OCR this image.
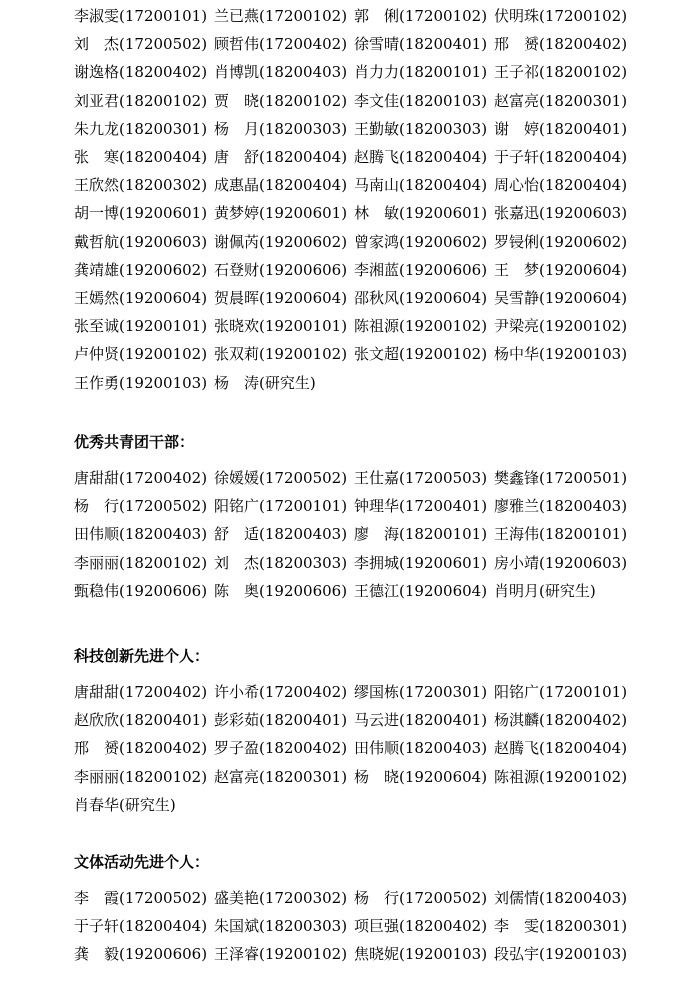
李淑雯(17200101) 兰已燕(17200102) 郭　俐(17200102) 伏明珠(17200102)
刘　杰(17200502) 顾哲伟(17200402) 徐雪晴(18200401) 邢　赟(18200402)
谢逸格(18200402) 肖博凯(18200403) 肖力力(18200101) 王子祁(18200102)
刘亚君(18200102) 贾　晓(18200102) 李文佳(18200103) 赵富亮(18200301)
朱九龙(18200301) 杨　月(18200303) 王勤敏(18200303) 谢　婷(18200401)
张　寒(18200404) 唐　舒(18200404) 赵腾飞(18200404) 于子轩(18200404)
王欣然(18200302) 成惠晶(18200404) 马南山(18200404) 周心怡(18200404)
胡一博(19200601) 黄梦婷(19200601) 林　敏(19200601) 张嘉迅(19200603)
戴哲航(19200603) 谢佩芮(19200602) 曾家鸿(19200602) 罗锓俐(19200602)
龚靖雄(19200602) 石登财(19200606) 李湘蓝(19200606) 王　梦(19200604)
王嫣然(19200604) 贺晨晖(19200604) 邵秋风(19200604) 吴雪静(19200604)
张至诚(19200101) 张晓欢(19200101) 陈祖源(19200102) 尹梁亮(19200102)
卢仲贤(19200102) 张双莉(19200102) 张文超(19200102) 杨中华(19200103)
王作勇(19200103) 杨　涛(研究生)
优秀共青团干部：
唐甜甜(17200402) 徐媛媛(17200502) 王仕嘉(17200503) 樊鑫锋(17200501)
杨　行(17200502) 阳铭广(17200101) 钟理华(17200401) 廖雅兰(18200403)
田伟顺(18200403) 舒　适(18200403) 廖　海(18200101) 王海伟(18200101)
李丽丽(18200102) 刘　杰(18200303) 李拥城(19200601) 房小靖(19200603)
甄稳伟(19200606) 陈　奥(19200606) 王德江(19200604) 肖明月(研究生)
科技创新先进个人：
唐甜甜(17200402) 许小希(17200402) 缪国栋(17200301) 阳铭广(17200101)
赵欣欣(18200401) 彭彩茹(18200401) 马云进(18200401) 杨淇麟(18200402)
邢　赟(18200402) 罗子盈(18200402) 田伟顺(18200403) 赵腾飞(18200404)
李丽丽(18200102) 赵富亮(18200301) 杨　晓(19200604) 陈祖源(19200102)
肖春华(研究生)
文体活动先进个人：
李　霞(17200502) 盛美艳(17200302) 杨　行(17200502) 刘儒情(18200403)
于子轩(18200404) 朱国斌(18200303) 项巨强(18200402) 李　雯(18200301)
龚　毅(19200606) 王泽睿(19200102) 焦晓妮(19200103) 段弘宇(19200103)
